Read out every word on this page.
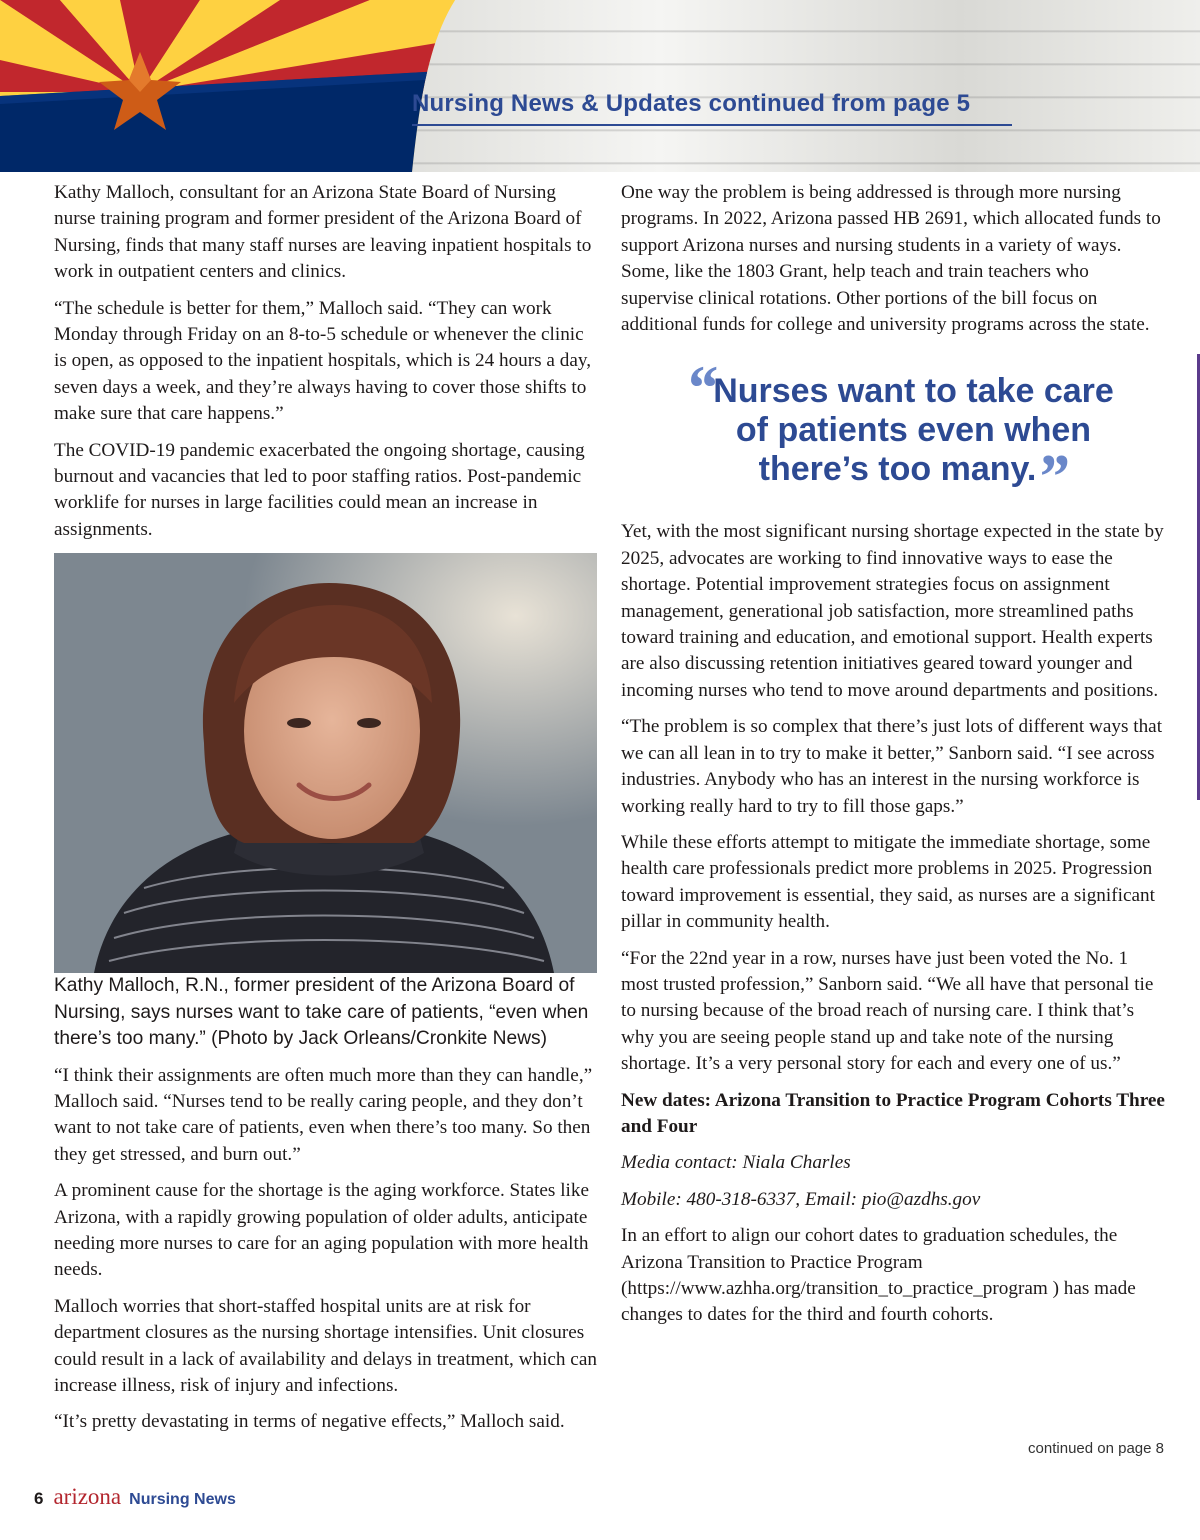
Nursing News & Updates continued from page 5

Kathy Malloch, consultant for an Arizona State Board of Nursing nurse training program and former president of the Arizona Board of Nursing, finds that many staff nurses are leaving inpatient hospitals to work in outpatient centers and clinics.

“The schedule is better for them,” Malloch said. “They can work Monday through Friday on an 8-to-5 schedule or whenever the clinic is open, as opposed to the inpatient hospitals, which is 24 hours a day, seven days a week, and they’re always having to cover those shifts to make sure that care happens.”

The COVID-19 pandemic exacerbated the ongoing shortage, causing burnout and vacancies that led to poor staffing ratios. Post-pandemic worklife for nurses in large facilities could mean an increase in assignments.

Kathy Malloch, R.N., former president of the Arizona Board of Nursing, says nurses want to take care of patients, “even when there’s too many.” (Photo by Jack Orleans/Cronkite News)

“I think their assignments are often much more than they can handle,” Malloch said. “Nurses tend to be really caring people, and they don’t want to not take care of patients, even when there’s too many. So then they get stressed, and burn out.”

A prominent cause for the shortage is the aging workforce. States like Arizona, with a rapidly growing population of older adults, anticipate needing more nurses to care for an aging population with more health needs.

Malloch worries that short-staffed hospital units are at risk for department closures as the nursing shortage intensifies. Unit closures could result in a lack of availability and delays in treatment, which can increase illness, risk of injury and infections.

“It’s pretty devastating in terms of negative effects,” Malloch said.

One way the problem is being addressed is through more nursing programs. In 2022, Arizona passed HB 2691, which allocated funds to support Arizona nurses and nursing students in a variety of ways. Some, like the 1803 Grant, help teach and train teachers who supervise clinical rotations. Other portions of the bill focus on additional funds for college and university programs across the state.

“
Nurses want to take care
of patients even when
there’s too many.”

Yet, with the most significant nursing shortage expected in the state by 2025, advocates are working to find innovative ways to ease the shortage. Potential improvement strategies focus on assignment management, generational job satisfaction, more streamlined paths toward training and education, and emotional support. Health experts are also discussing retention initiatives geared toward younger and incoming nurses who tend to move around departments and positions.

“The problem is so complex that there’s just lots of different ways that we can all lean in to try to make it better,” Sanborn said. “I see across industries. Anybody who has an interest in the nursing workforce is working really hard to try to fill those gaps.”

While these efforts attempt to mitigate the immediate shortage, some health care professionals predict more problems in 2025. Progression toward improvement is essential, they said, as nurses are a significant pillar in community health.

“For the 22nd year in a row, nurses have just been voted the No. 1 most trusted profession,” Sanborn said. “We all have that personal tie to nursing because of the broad reach of nursing care. I think that’s why you are seeing people stand up and take note of the nursing shortage. It’s a very personal story for each and every one of us.”

New dates: Arizona Transition to Practice Program Cohorts Three and Four

Media contact: Niala Charles

Mobile: 480-318-6337, Email: pio@azdhs.gov

In an effort to align our cohort dates to graduation schedules, the Arizona Transition to Practice Program (https://www.azhha.org/transition_to_practice_program ) has made changes to dates for the third and fourth cohorts.

continued on page 8

6 arizona Nursing News
